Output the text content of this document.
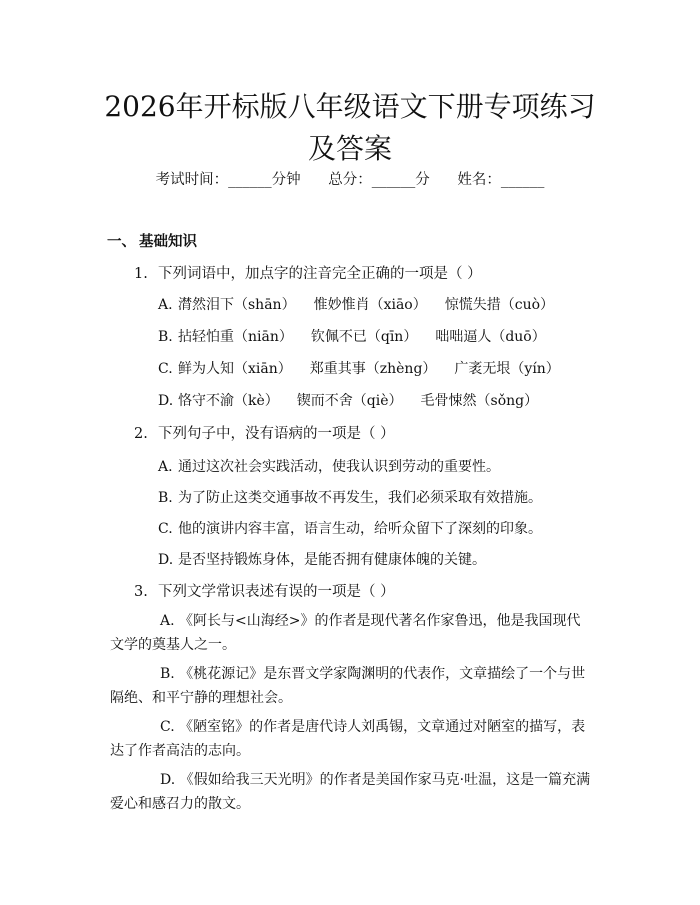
2026年开标版八年级语文下册专项练习及答案
考试时间：______分钟      总分：______分      姓名：______
一、 基础知识
1. 下列词语中，加点字的注音完全正确的一项是（ ）
A. 潸然泪下（shān） 惟妙惟肖（xiāo） 惊慌失措（cuò）
B. 拈轻怕重（niān） 钦佩不已（qīn） 咄咄逼人（duō）
C. 鲜为人知（xiān） 郑重其事（zhèng） 广袤无垠（yín）
D. 恪守不渝（kè） 锲而不舍（qiè） 毛骨悚然（sǒng）
2. 下列句子中，没有语病的一项是（ ）
A. 通过这次社会实践活动，使我认识到劳动的重要性。
B. 为了防止这类交通事故不再发生，我们必须采取有效措施。
C. 他的演讲内容丰富，语言生动，给听众留下了深刻的印象。
D. 是否坚持锻炼身体，是能否拥有健康体魄的关键。
3. 下列文学常识表述有误的一项是（ ）
A. 《阿长与<山海经>》的作者是现代著名作家鲁迅，他是我国现代文学的奠基人之一。
B. 《桃花源记》是东晋文学家陶渊明的代表作，文章描绘了一个与世隔绝、和平宁静的理想社会。
C. 《陋室铭》的作者是唐代诗人刘禹锡，文章通过对陋室的描写，表达了作者高洁的志向。
D. 《假如给我三天光明》的作者是美国作家马克·吐温，这是一篇充满爱心和感召力的散文。
